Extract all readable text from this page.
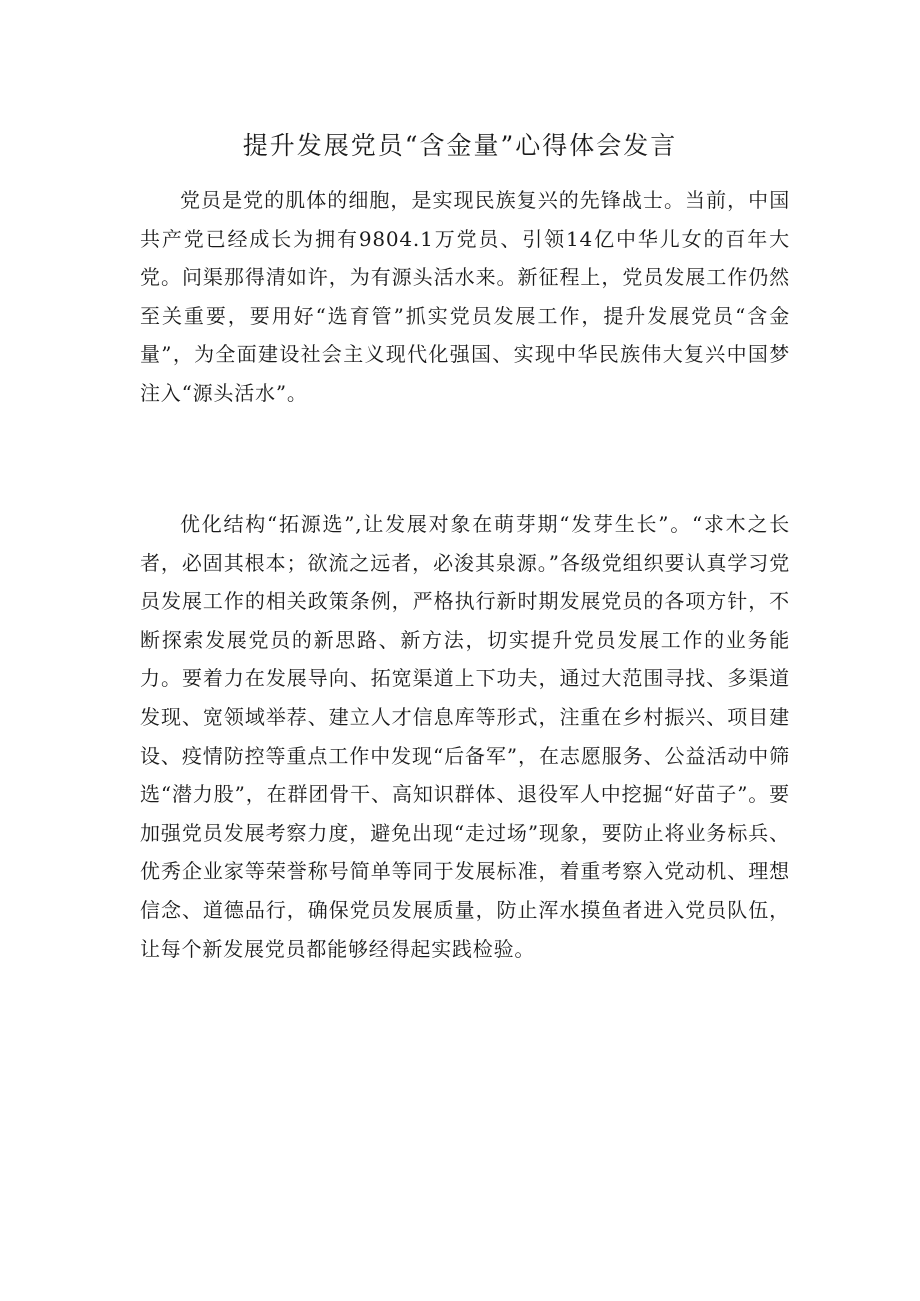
提升发展党员“含金量”心得体会发言

党员是党的肌体的细胞，是实现民族复兴的先锋战士。当前，中国共产党已经成长为拥有9804.1万党员、引领14亿中华儿女的百年大党。问渠那得清如许，为有源头活水来。新征程上，党员发展工作仍然至关重要，要用好“选育管”抓实党员发展工作，提升发展党员“含金量”，为全面建设社会主义现代化强国、实现中华民族伟大复兴中国梦注入“源头活水”。

优化结构“拓源选”,让发展对象在萌芽期“发芽生长”。“求木之长者，必固其根本；欲流之远者，必浚其泉源。”各级党组织要认真学习党员发展工作的相关政策条例，严格执行新时期发展党员的各项方针，不断探索发展党员的新思路、新方法，切实提升党员发展工作的业务能力。要着力在发展导向、拓宽渠道上下功夫，通过大范围寻找、多渠道发现、宽领域举荐、建立人才信息库等形式，注重在乡村振兴、项目建设、疫情防控等重点工作中发现“后备军”，在志愿服务、公益活动中筛选“潜力股”，在群团骨干、高知识群体、退役军人中挖掘“好苗子”。要加强党员发展考察力度，避免出现“走过场”现象，要防止将业务标兵、优秀企业家等荣誉称号简单等同于发展标准，着重考察入党动机、理想信念、道德品行，确保党员发展质量，防止浑水摸鱼者进入党员队伍，让每个新发展党员都能够经得起实践检验。
